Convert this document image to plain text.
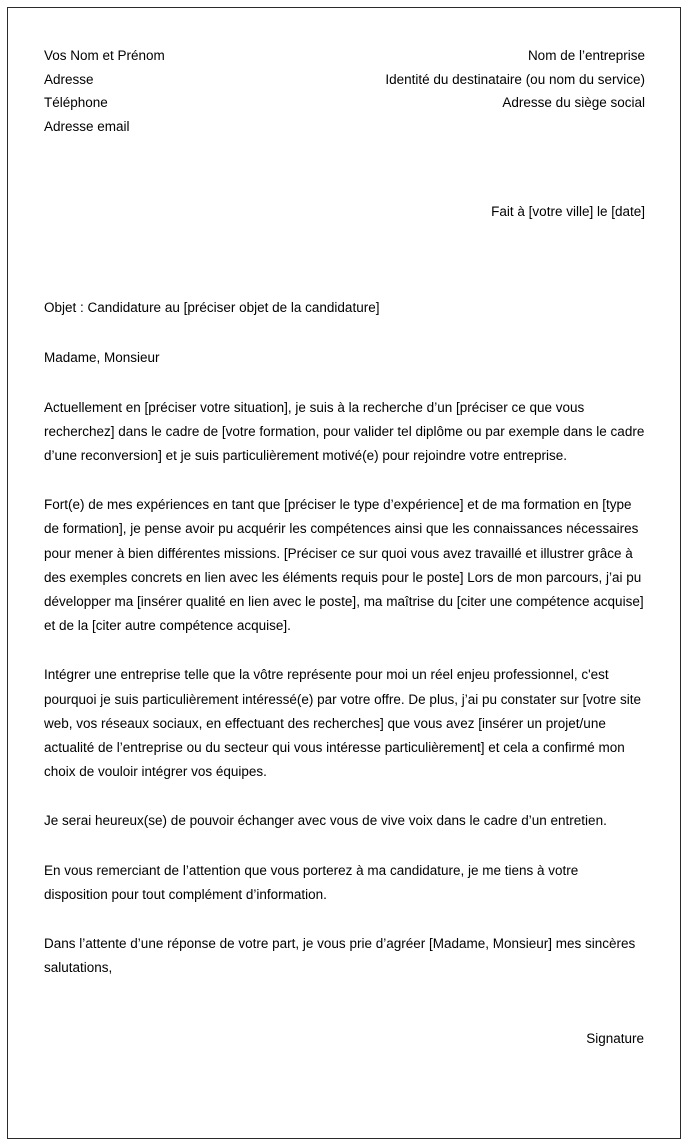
Vos Nom et Prénom
Adresse
Téléphone
Adresse email
Nom de l’entreprise
Identité du destinataire (ou nom du service)
Adresse du siège social
Fait à [votre ville] le [date]
Objet : Candidature au [préciser objet de la candidature]
Madame, Monsieur

Actuellement en [préciser votre situation], je suis à la recherche d’un [préciser ce que vous recherchez] dans le cadre de [votre formation, pour valider tel diplôme ou par exemple dans le cadre d’une reconversion] et je suis particulièrement motivé(e) pour rejoindre votre entreprise.

Fort(e) de mes expériences en tant que [préciser le type d’expérience] et de ma formation en [type de formation], je pense avoir pu acquérir les compétences ainsi que les connaissances nécessaires pour mener à bien différentes missions. [Préciser ce sur quoi vous avez travaillé et illustrer grâce à des exemples concrets en lien avec les éléments requis pour le poste] Lors de mon parcours, j’ai pu développer ma [insérer qualité en lien avec le poste], ma maîtrise du [citer une compétence acquise] et de la [citer autre compétence acquise].

Intégrer une entreprise telle que la vôtre représente pour moi un réel enjeu professionnel, c'est pourquoi je suis particulièrement intéressé(e) par votre offre. De plus, j’ai pu constater sur [votre site web, vos réseaux sociaux, en effectuant des recherches] que vous avez [insérer un projet/une actualité de l’entreprise ou du secteur qui vous intéresse particulièrement] et cela a confirmé mon choix de vouloir intégrer vos équipes.

Je serai heureux(se) de pouvoir échanger avec vous de vive voix dans le cadre d’un entretien.

En vous remerciant de l’attention que vous porterez à ma candidature, je me tiens à votre disposition pour tout complément d’information.

Dans l’attente d’une réponse de votre part, je vous prie d’agréer [Madame, Monsieur] mes sincères salutations,

Signature
